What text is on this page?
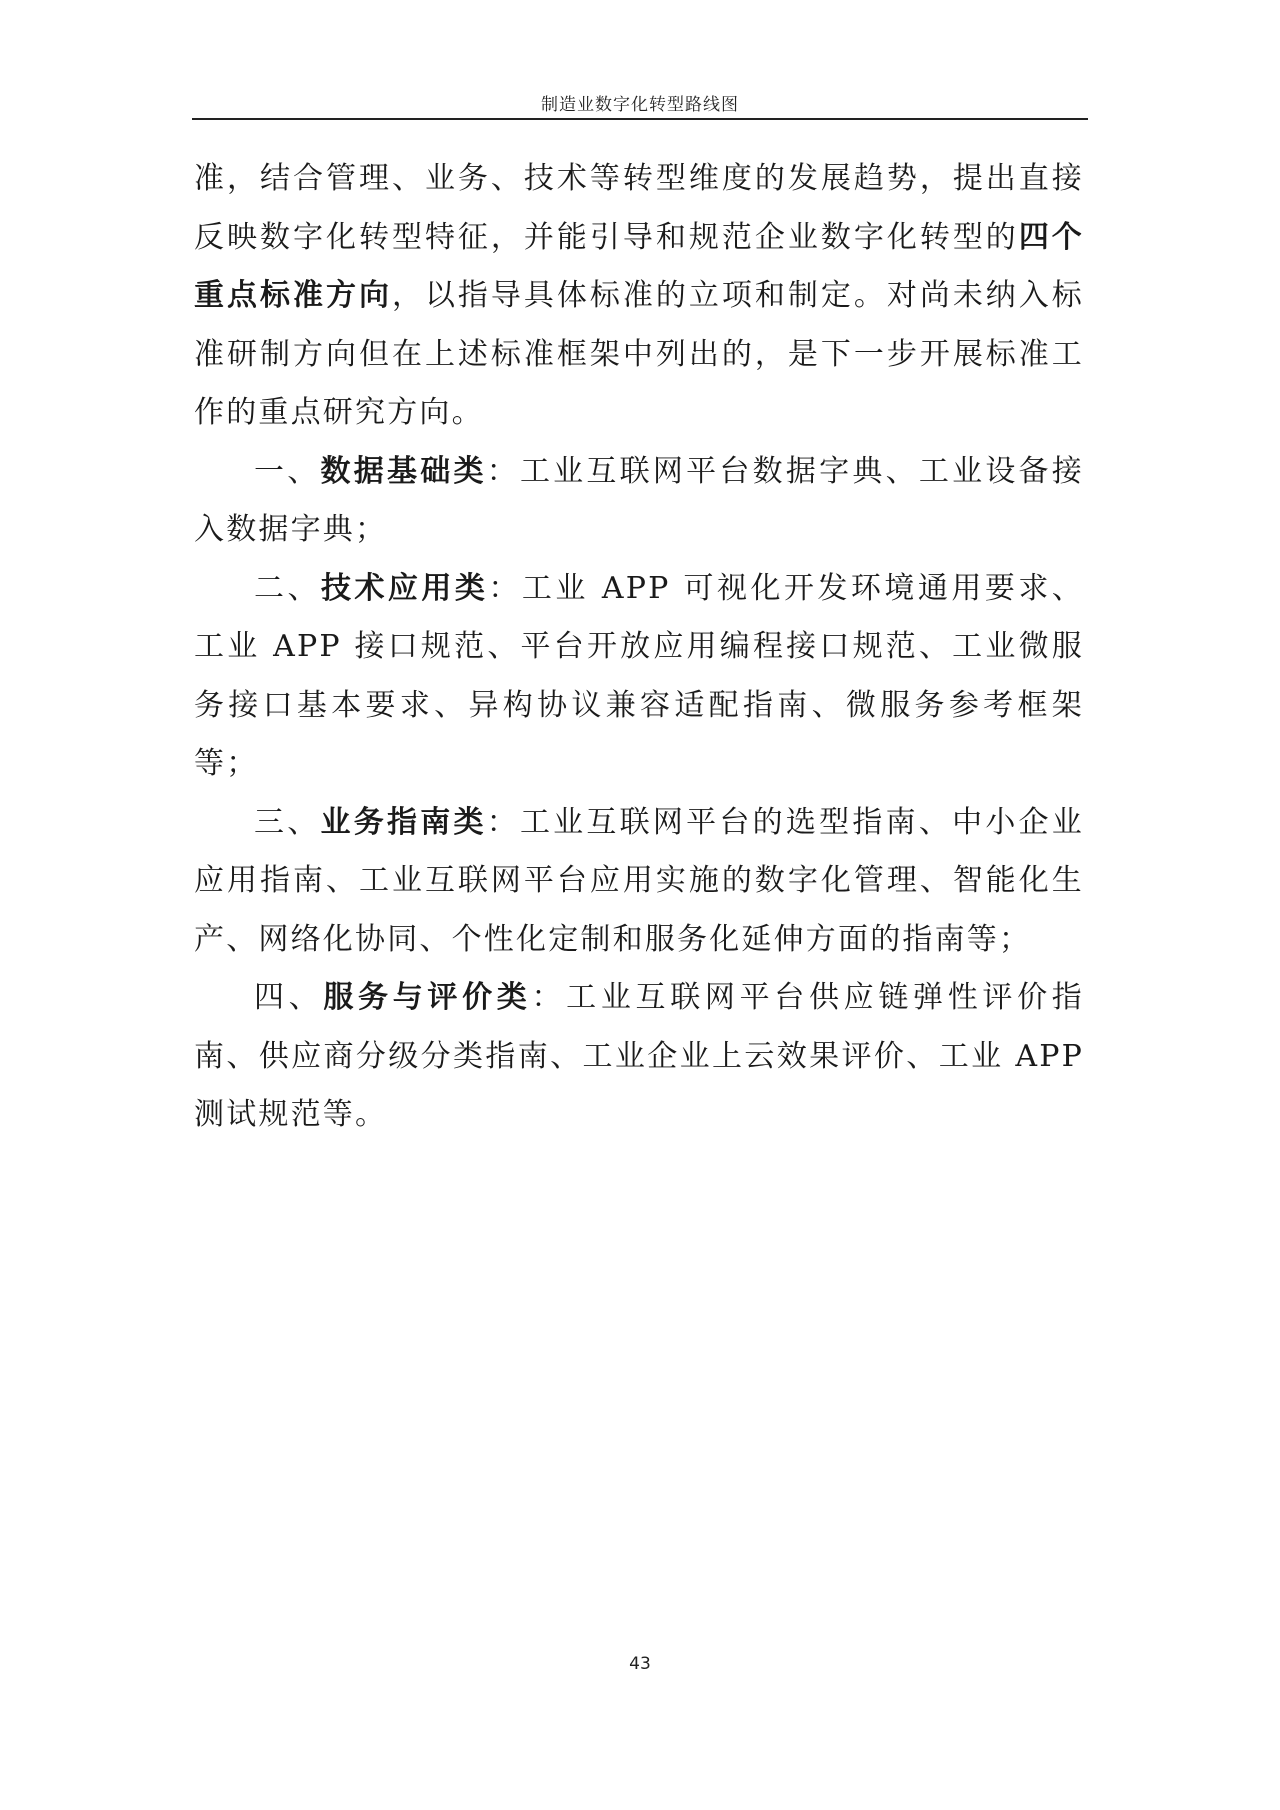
制造业数字化转型路线图

准，结合管理、业务、技术等转型维度的发展趋势，提出直接反映数字化转型特征，并能引导和规范企业数字化转型的四个重点标准方向，以指导具体标准的立项和制定。对尚未纳入标准研制方向但在上述标准框架中列出的，是下一步开展标准工作的重点研究方向。

一、数据基础类：工业互联网平台数据字典、工业设备接入数据字典；

二、技术应用类：工业 APP 可视化开发环境通用要求、工业 APP 接口规范、平台开放应用编程接口规范、工业微服务接口基本要求、异构协议兼容适配指南、微服务参考框架等；

三、业务指南类：工业互联网平台的选型指南、中小企业应用指南、工业互联网平台应用实施的数字化管理、智能化生产、网络化协同、个性化定制和服务化延伸方面的指南等；

四、服务与评价类：工业互联网平台供应链弹性评价指南、供应商分级分类指南、工业企业上云效果评价、工业 APP 测试规范等。

43
